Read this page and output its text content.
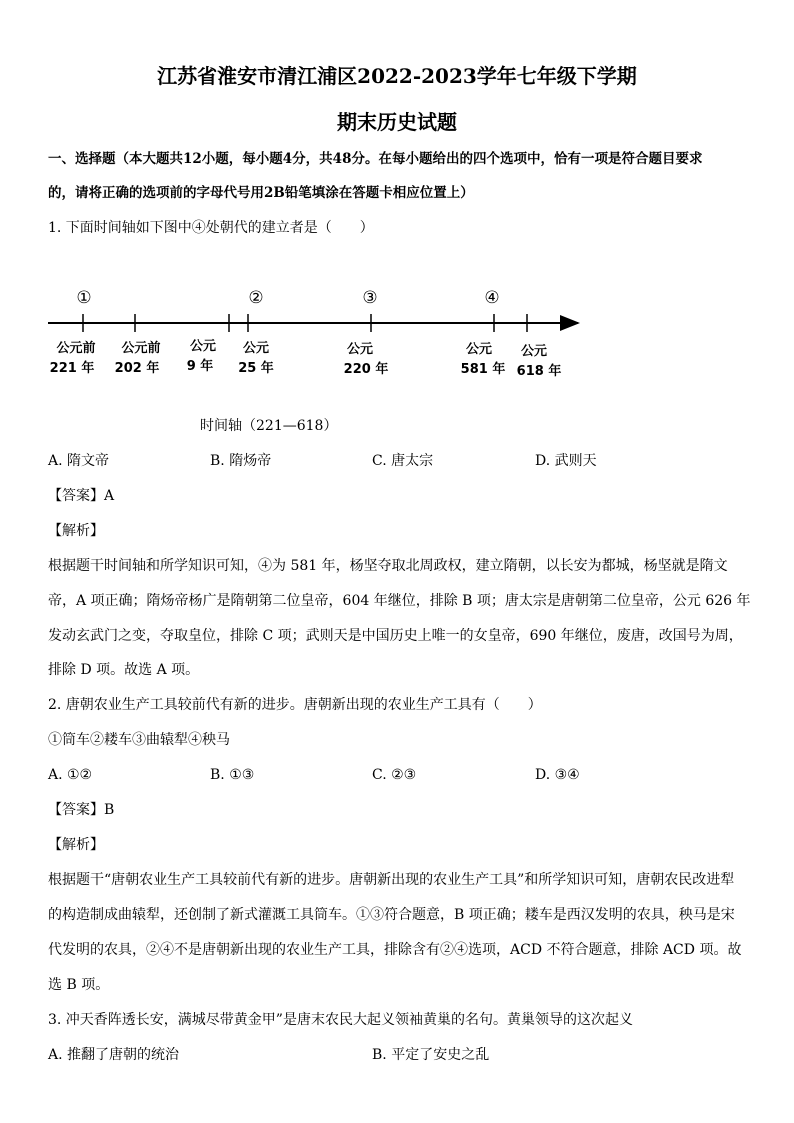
江苏省淮安市清江浦区2022-2023学年七年级下学期
期末历史试题
一、选择题（本大题共12小题，每小题4分，共48分。在每小题给出的四个选项中，恰有一项是符合题目要求
的，请将正确的选项前的字母代号用2B铅笔填涂在答题卡相应位置上）
1. 下面时间轴如下图中④处朝代的建立者是（　　）
①	②	③	④
公元前
221 年
公元前
202 年
公元
9 年
公元
25 年
公元
220 年
公元
581 年
公元
618 年
时间轴（221—618）
A. 隋文帝	B. 隋炀帝	C. 唐太宗	D. 武则天
【答案】A
【解析】
根据题干时间轴和所学知识可知，④为 581 年，杨坚夺取北周政权，建立隋朝，以长安为都城，杨坚就是隋文
帝，A 项正确；隋炀帝杨广是隋朝第二位皇帝，604 年继位，排除 B 项；唐太宗是唐朝第二位皇帝，公元 626 年
发动玄武门之变，夺取皇位，排除 C 项；武则天是中国历史上唯一的女皇帝，690 年继位，废唐，改国号为周，
排除 D 项。故选 A 项。
2. 唐朝农业生产工具较前代有新的进步。唐朝新出现的农业生产工具有（　　）
①筒车②耧车③曲辕犁④秧马
A. ①②	B. ①③	C. ②③	D. ③④
【答案】B
【解析】
根据题干“唐朝农业生产工具较前代有新的进步。唐朝新出现的农业生产工具”和所学知识可知，唐朝农民改进犁
的构造制成曲辕犁，还创制了新式灌溉工具筒车。①③符合题意，B 项正确；耧车是西汉发明的农具，秧马是宋
代发明的农具，②④不是唐朝新出现的农业生产工具，排除含有②④选项，ACD 不符合题意，排除 ACD 项。故
选 B 项。
3. 冲天香阵透长安，满城尽带黄金甲”是唐末农民大起义领袖黄巢的名句。黄巢领导的这次起义
A. 推翻了唐朝的统治	B. 平定了安史之乱
